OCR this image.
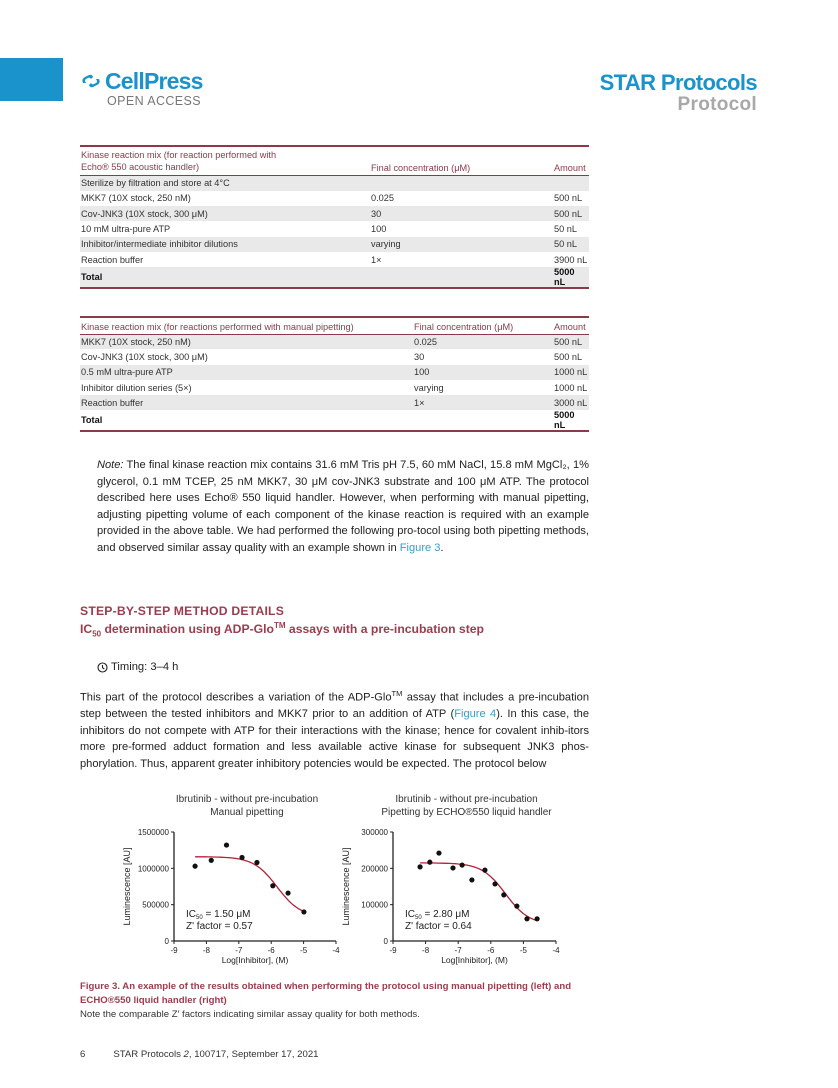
CellPress
OPEN ACCESS
STAR Protocols
Protocol
Kinase reaction mix (for reaction performed with
Echo® 550 acoustic handler)	Final concentration (μM)	Amount
Sterilize by filtration and store at 4°C		
MKK7 (10X stock, 250 nM)	0.025	500 nL
Cov-JNK3 (10X stock, 300 μM)	30	500 nL
10 mM ultra-pure ATP	100	50 nL
Inhibitor/intermediate inhibitor dilutions	varying	50 nL
Reaction buffer	1×	3900 nL
Total		5000 nL
Kinase reaction mix (for reactions performed with manual pipetting)	Final concentration (μM)	Amount
MKK7 (10X stock, 250 nM)	0.025	500 nL
Cov-JNK3 (10X stock, 300 μM)	30	500 nL
0.5 mM ultra-pure ATP	100	1000 nL
Inhibitor dilution series (5×)	varying	1000 nL
Reaction buffer	1×	3000 nL
Total		5000 nL

Note: The final kinase reaction mix contains 31.6 mM Tris pH 7.5, 60 mM NaCl, 15.8 mM MgCl₂, 1% glycerol, 0.1 mM TCEP, 25 nM MKK7, 30 μM cov-JNK3 substrate and 100 μM ATP. The protocol described here uses Echo® 550 liquid handler. However, when performing with manual pipetting, adjusting pipetting volume of each component of the kinase reaction is required with an example provided in the above table. We had performed the following pro-tocol using both pipetting methods, and observed similar assay quality with an example shown in Figure 3.

STEP-BY-STEP METHOD DETAILS
$IC_{50}$ determination using ADP-Glo™ assays with a pre-incubation step
Timing: 3–4 h

This part of the protocol describes a variation of the ADP-Glo™ assay that includes a pre-incubation step between the tested inhibitors and MKK7 prior to an addition of ATP (Figure 4). In this case, the inhibitors do not compete with ATP for their interactions with the kinase; hence for covalent inhib-itors more pre-formed adduct formation and less available active kinase for subsequent JNK3 phos-phorylation. Thus, apparent greater inhibitory potencies would be expected. The protocol below

Ibrutinib - without pre-incubation
Manual pipetting
0
500000
1000000
1500000
-9	-8	-7	-6	-5	-4
Log[Inhibitor], (M)
Luminescence [AU]	$IC_{50} = 1.50$ μM
Z' factor = 0.57
Ibrutinib - without pre-incubation
Pipetting by ECHO®550 liquid handler
0
100000
200000
300000
-9	-8	-7	-6	-5	-4
Log[Inhibitor], (M)
Luminescence [AU]	$IC_{50} = 2.80$ μM
Z' factor = 0.64
Figure 3. An example of the results obtained when performing the protocol using manual pipetting (left) and ECHO®550 liquid handler (right)
Note the comparable Z′ factors indicating similar assay quality for both methods.
6	STAR Protocols 2, 100717, September 17, 2021
